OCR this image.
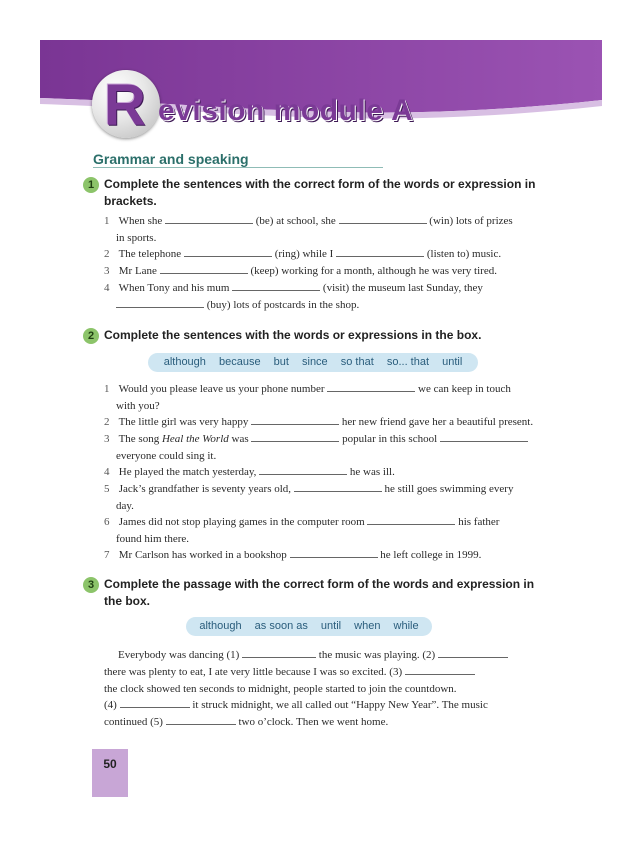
R evision module A
Grammar and speaking
1 Complete the sentences with the correct form of the words or expression in
brackets.
1 When she	(be) at school, she	(win) lots of prizes
in sports.
2 The telephone	(ring) while I	(listen to) music.
3 Mr Lane	(keep) working for a month, although he was very tired.
4 When Tony and his mum	(visit) the museum last Sunday, they
(buy) lots of postcards in the shop.
2 Complete the sentences with the words or expressions in the box.
although because but since so that so... that until
1 Would you please leave us your phone number	we can keep in touch
with you?
2 The little girl was very happy	her new friend gave her a beautiful present.
3 The song Heal the World was	popular in this school
everyone could sing it.
4 He played the match yesterday,	he was ill.
5 Jack’s grandfather is seventy years old,	he still goes swimming every
day.
6 James did not stop playing games in the computer room	his father
found him there.
7 Mr Carlson has worked in a bookshop	he left college in 1999.
3 Complete the passage with the correct form of the words and expression in
the box.
although as soon as until when while
Everybody was dancing (1)	the music was playing. (2)
there was plenty to eat, I ate very little because I was so excited. (3)
the clock showed ten seconds to midnight, people started to join the countdown.
(4)	it struck midnight, we all called out “Happy New Year”. The music
continued (5)	two o’clock. Then we went home.
50
